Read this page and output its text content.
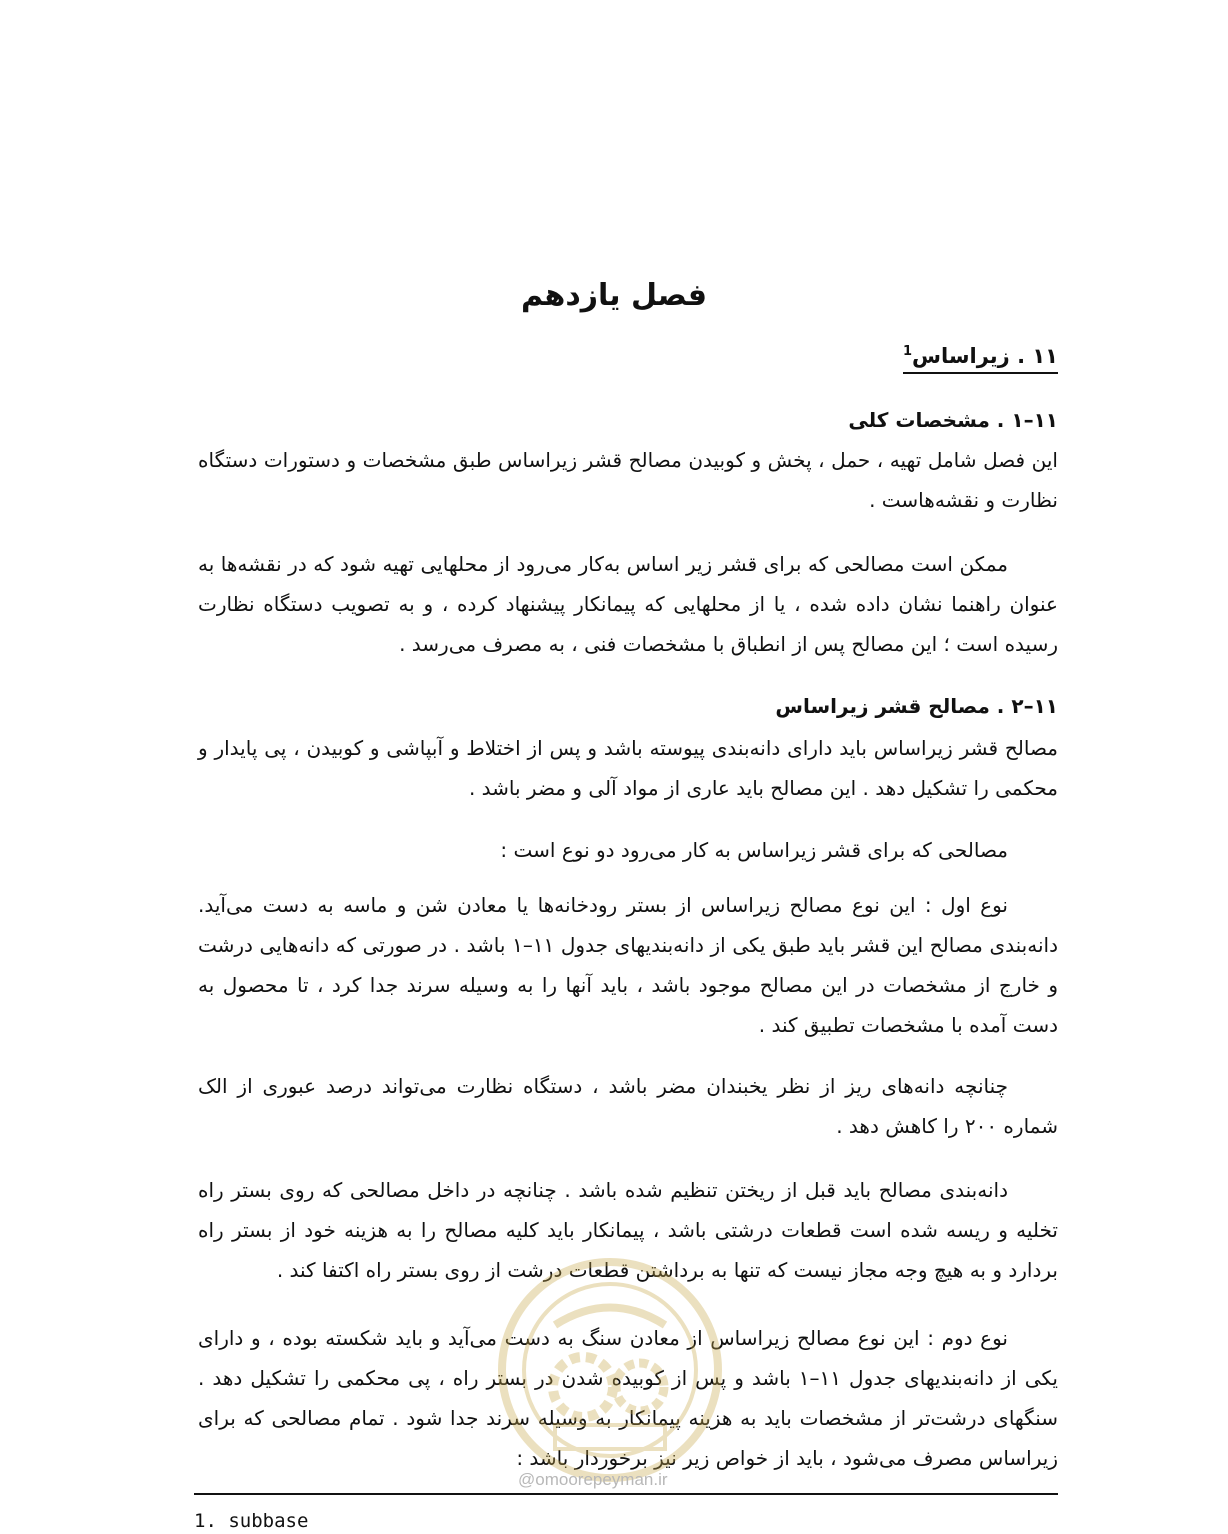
فصل یازدهم
۱۱ . زیراساس$^1$
۱۱–۱ . مشخصات کلی
این فصل شامل تهیه ، حمل ، پخش و کوبیدن مصالح قشر زیراساس طبق مشخصات و دستورات دستگاه نظارت و نقشه‌هاست .
ممکن است مصالحی که برای قشر زیر اساس به‌کار می‌رود از محلهایی تهیه شود که در نقشه‌ها به عنوان راهنما نشان داده شده ، یا از محلهایی که پیمانکار پیشنهاد کرده ، و به تصویب دستگاه نظارت رسیده است ؛ این مصالح پس از انطباق با مشخصات فنی ، به مصرف می‌رسد .
۱۱–۲ . مصالح قشر زیراساس
مصالح قشر زیراساس باید دارای دانه‌بندی پیوسته باشد و پس از اختلاط و آبپاشی و کوبیدن ، پی پایدار و محکمی را تشکیل دهد . این مصالح باید عاری از مواد آلی و مضر باشد .
مصالحی که برای قشر زیراساس به کار می‌رود دو نوع است :
نوع اول : این نوع مصالح زیراساس از بستر رودخانه‌ها یا معادن شن و ماسه به دست می‌آید. دانه‌بندی مصالح این قشر باید طبق یکی از دانه‌بندیهای جدول ۱۱–۱ باشد . در صورتی که دانه‌هایی درشت و خارج از مشخصات در این مصالح موجود باشد ، باید آنها را به وسیله سرند جدا کرد ، تا محصول به دست آمده با مشخصات تطبیق کند .
چنانچه دانه‌های ریز از نظر یخبندان مضر باشد ، دستگاه نظارت می‌تواند درصد عبوری از الک شماره ۲۰۰ را کاهش دهد .
دانه‌بندی مصالح باید قبل از ریختن تنظیم شده باشد . چنانچه در داخل مصالحی که روی بستر راه تخلیه و ریسه شده است قطعات درشتی باشد ، پیمانکار باید کلیه مصالح را به هزینه خود از بستر راه بردارد و به هیچ وجه مجاز نیست که تنها به برداشتن قطعات درشت از روی بستر راه اکتفا کند .
نوع دوم : این نوع مصالح زیراساس از معادن سنگ به دست می‌آید و باید شکسته بوده ، و دارای یکی از دانه‌بندیهای جدول ۱۱–۱ باشد و پس از کوبیده شدن در بستر راه ، پی محکمی را تشکیل دهد . سنگهای درشت‌تر از مشخصات باید به هزینه پیمانکار به وسیله سرند جدا شود . تمام مصالحی که برای زیراساس مصرف می‌شود ، باید از خواص زیر نیز برخوردار باشد :
@omoorepeyman.ir
1. subbase
